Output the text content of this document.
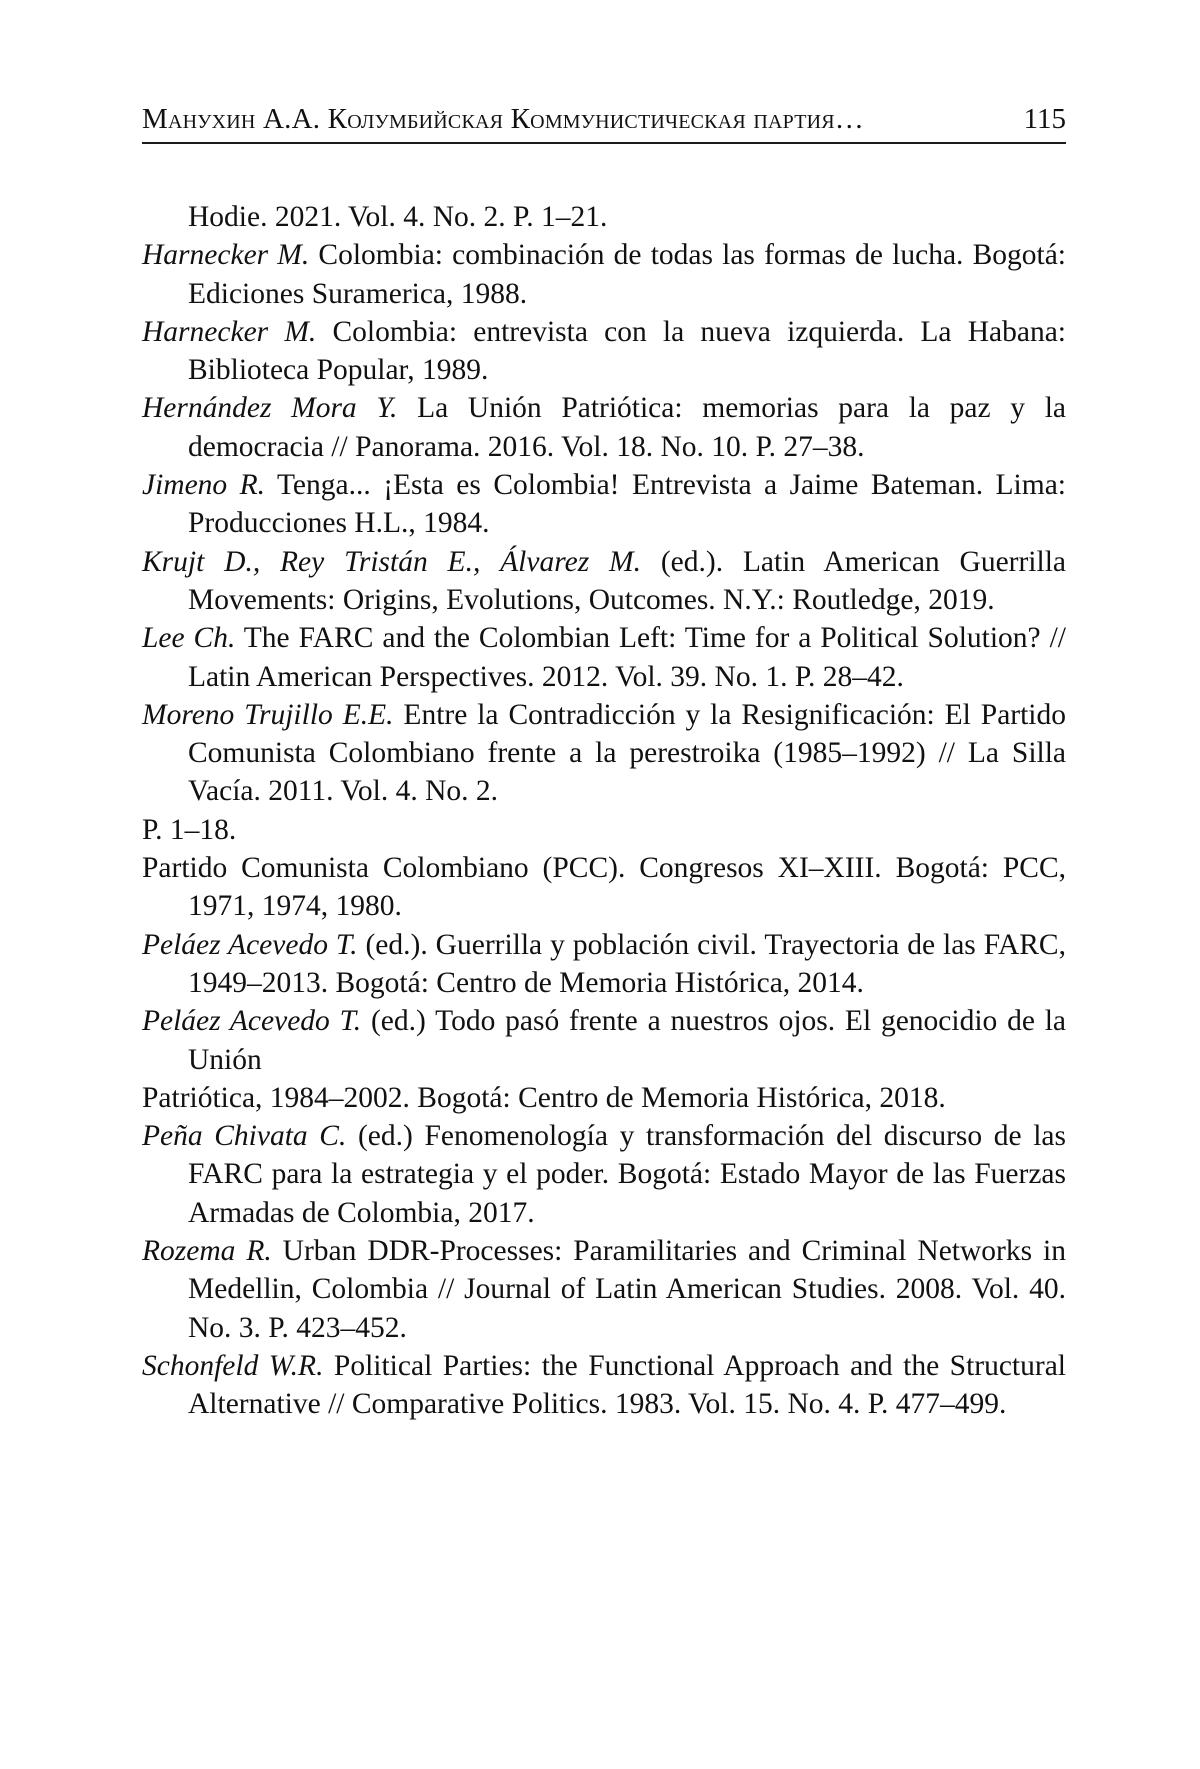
Манухин А.А. Колумбийская Коммунистическая партия…	115
Hodie. 2021. Vol. 4. No. 2. P. 1–21.
Harnecker M. Colombia: combinación de todas las formas de lucha. Bogotá: Ediciones Suramerica, 1988.
Harnecker M. Colombia: entrevista con la nueva izquierda. La Habana: Biblioteca Popular, 1989.
Hernández Mora Y. La Unión Patriótica: memorias para la paz y la democracia // Panorama. 2016. Vol. 18. No. 10. P. 27–38.
Jimeno R. Tenga... ¡Esta es Colombia! Entrevista a Jaime Bateman. Lima: Producciones H.L., 1984.
Krujt D., Rey Tristán E., Álvarez M. (ed.). Latin American Guerrilla Movements: Origins, Evolutions, Outcomes. N.Y.: Routledge, 2019.
Lee Ch. The FARC and the Colombian Left: Time for a Political Solution? // Latin American Perspectives. 2012. Vol. 39. No. 1. P. 28–42.
Moreno Trujillo E.E. Entre la Contradicción y la Resignificación: El Partido Comunista Colombiano frente a la perestroika (1985–1992) // La Silla Vacía. 2011. Vol. 4. No. 2.
P. 1–18.
Partido Comunista Colombiano (PCC). Congresos XI–XIII. Bogotá: PCC, 1971, 1974, 1980.
Peláez Acevedo T. (ed.). Guerrilla y población civil. Trayectoria de las FARC, 1949–2013. Bogotá: Centro de Memoria Histórica, 2014.
Peláez Acevedo T. (ed.) Todo pasó frente a nuestros ojos. El genocidio de la Unión
Patriótica, 1984–2002. Bogotá: Centro de Memoria Histórica, 2018.
Peña Chivata C. (ed.) Fenomenología y transformación del discurso de las FARC para la estrategia y el poder. Bogotá: Estado Mayor de las Fuerzas Armadas de Colombia, 2017.
Rozema R. Urban DDR-Processes: Paramilitaries and Criminal Networks in Medellin, Colombia // Journal of Latin American Studies. 2008. Vol. 40. No. 3. P. 423–452.
Schonfeld W.R. Political Parties: the Functional Approach and the Structural Alternative // Comparative Politics. 1983. Vol. 15. No. 4. P. 477–499.
